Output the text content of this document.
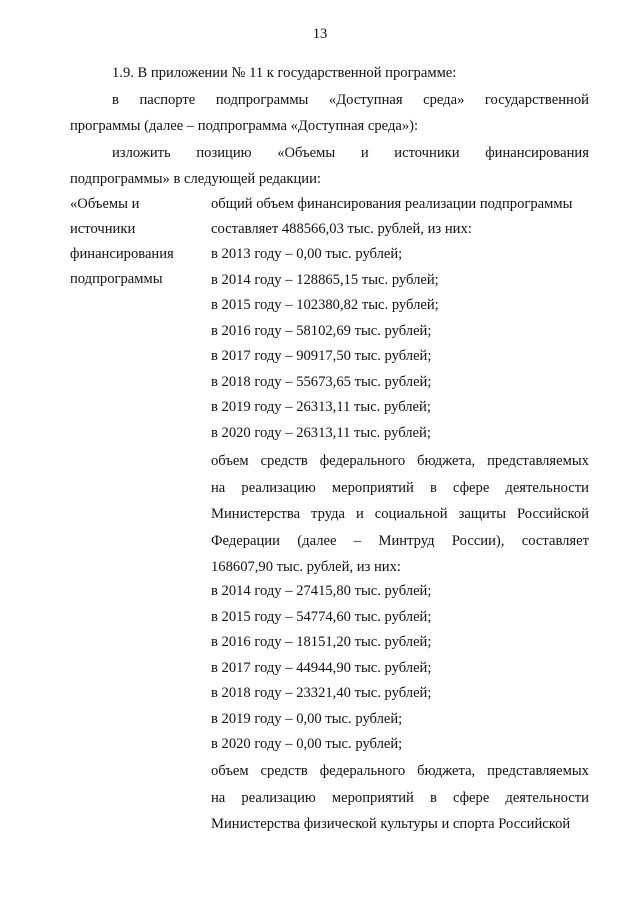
13
1.9. В приложении № 11 к государственной программе:
в паспорте подпрограммы «Доступная среда» государственной
программы (далее – подпрограмма «Доступная среда»):
изложить позицию «Объемы и источники финансирования
подпрограммы» в следующей редакции:
«Объемы и
источники
финансирования
подпрограммы
общий объем финансирования реализации подпрограммы
составляет 488566,03 тыс. рублей, из них:
в 2013 году – 0,00 тыс. рублей;
в 2014 году – 128865,15 тыс. рублей;
в 2015 году – 102380,82 тыс. рублей;
в 2016 году – 58102,69 тыс. рублей;
в 2017 году – 90917,50 тыс. рублей;
в 2018 году – 55673,65 тыс. рублей;
в 2019 году – 26313,11 тыс. рублей;
в 2020 году – 26313,11 тыс. рублей;
объем средств федерального бюджета, представляемых
на реализацию мероприятий в сфере деятельности
Министерства труда и социальной защиты Российской
Федерации (далее – Минтруд России), составляет
168607,90 тыс. рублей, из них:
в 2014 году – 27415,80 тыс. рублей;
в 2015 году – 54774,60 тыс. рублей;
в 2016 году – 18151,20 тыс. рублей;
в 2017 году – 44944,90 тыс. рублей;
в 2018 году – 23321,40 тыс. рублей;
в 2019 году – 0,00 тыс. рублей;
в 2020 году – 0,00 тыс. рублей;
объем средств федерального бюджета, представляемых
на реализацию мероприятий в сфере деятельности
Министерства физической культуры и спорта Российской
